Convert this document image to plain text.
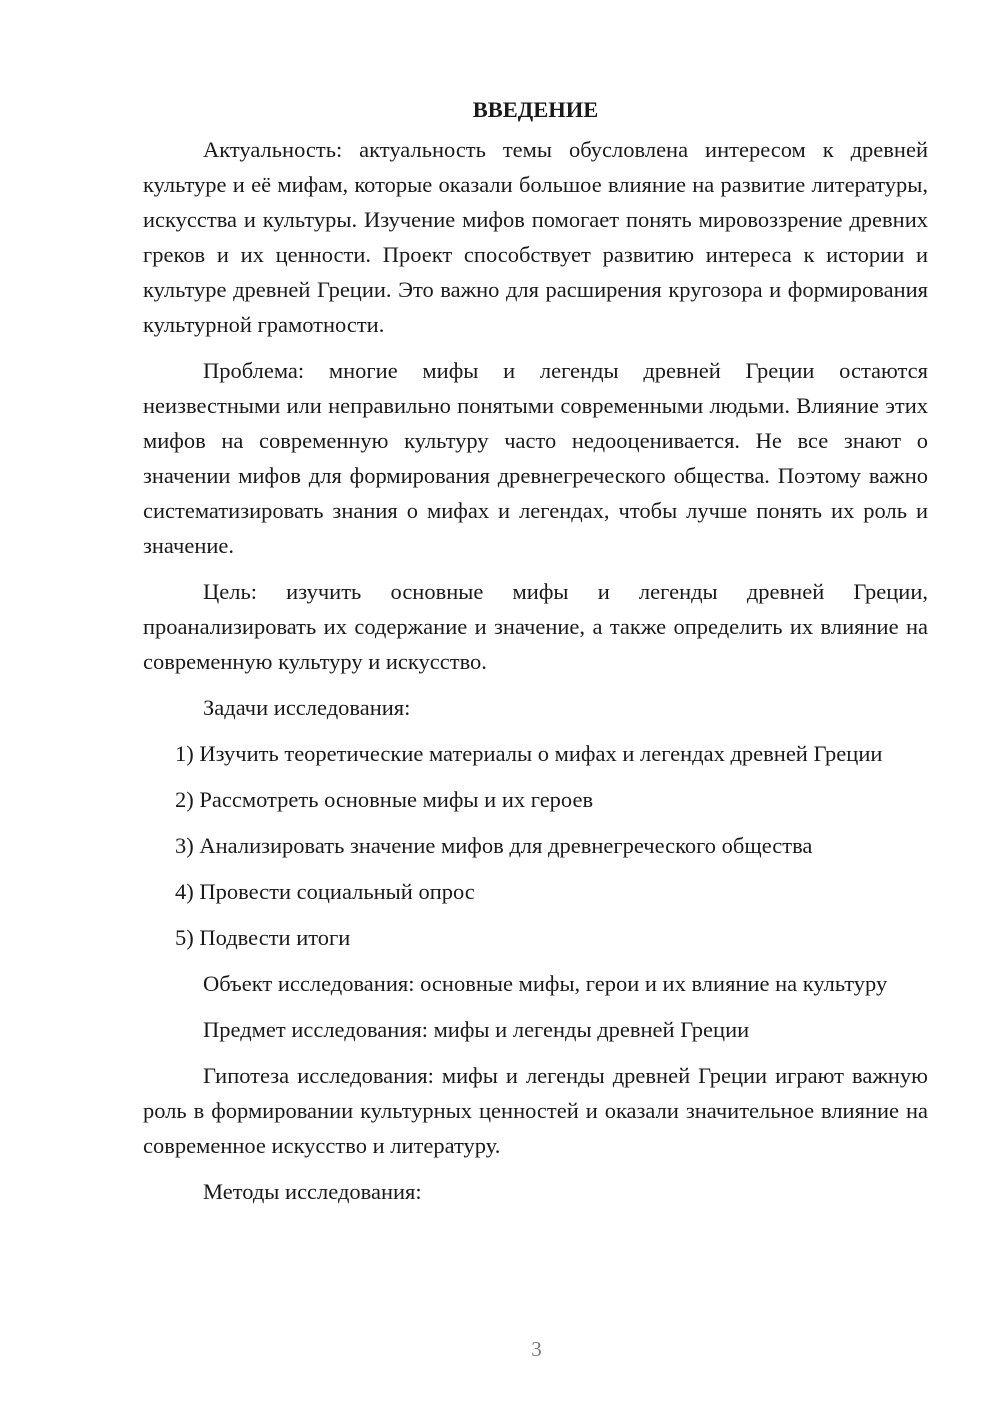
ВВЕДЕНИЕ

Актуальность: актуальность темы обусловлена интересом к древней культуре и её мифам, которые оказали большое влияние на развитие литературы, искусства и культуры. Изучение мифов помогает понять мировоззрение древних греков и их ценности. Проект способствует развитию интереса к истории и культуре древней Греции. Это важно для расширения кругозора и формирования культурной грамотности.

Проблема: многие мифы и легенды древней Греции остаются неизвестными или неправильно понятыми современными людьми. Влияние этих мифов на современную культуру часто недооценивается. Не все знают о значении мифов для формирования древнегреческого общества. Поэтому важно систематизировать знания о мифах и легендах, чтобы лучше понять их роль и значение.

Цель: изучить основные мифы и легенды древней Греции, проанализировать их содержание и значение, а также определить их влияние на современную культуру и искусство.

Задачи исследования:

1) Изучить теоретические материалы о мифах и легендах древней Греции

2) Рассмотреть основные мифы и их героев

3) Анализировать значение мифов для древнегреческого общества

4) Провести социальный опрос

5) Подвести итоги

Объект исследования: основные мифы, герои и их влияние на культуру

Предмет исследования: мифы и легенды древней Греции

Гипотеза исследования: мифы и легенды древней Греции играют важную роль в формировании культурных ценностей и оказали значительное влияние на современное искусство и литературу.

Методы исследования:

3
